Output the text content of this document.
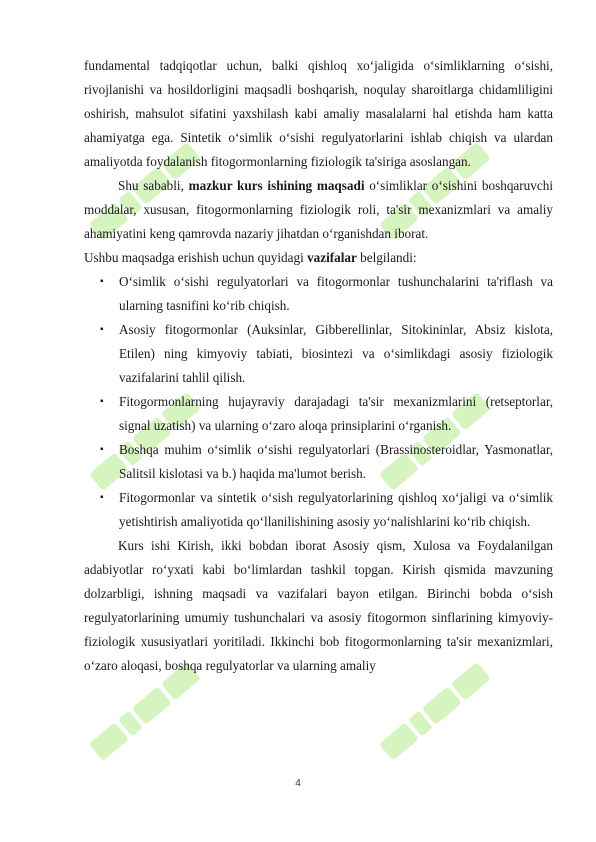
fundamental tadqiqotlar uchun, balki qishloq xo‘jaligida o‘simliklarning o‘sishi, rivojlanishi va hosildorligini maqsadli boshqarish, noqulay sharoitlarga chidamliligini oshirish, mahsulot sifatini yaxshilash kabi amaliy masalalarni hal etishda ham katta ahamiyatga ega. Sintetik o‘simlik o‘sishi regulyatorlarini ishlab chiqish va ulardan amaliyotda foydalanish fitogormonlarning fiziologik ta'siriga asoslangan.

Shu sababli, mazkur kurs ishining maqsadi o‘simliklar o‘sishini boshqaruvchi moddalar, xususan, fitogormonlarning fiziologik roli, ta'sir mexanizmlari va amaliy ahamiyatini keng qamrovda nazariy jihatdan o‘rganishdan iborat.

Ushbu maqsadga erishish uchun quyidagi vazifalar belgilandi:

▪ O‘simlik o‘sishi regulyatorlari va fitogormonlar tushunchalarini ta'riflash va ularning tasnifini ko‘rib chiqish.
▪ Asosiy fitogormonlar (Auksinlar, Gibberellinlar, Sitokininlar, Absiz kislota, Etilen) ning kimyoviy tabiati, biosintezi va o‘simlikdagi asosiy fiziologik vazifalarini tahlil qilish.
▪ Fitogormonlarning hujayraviy darajadagi ta'sir mexanizmlarini (retseptorlar, signal uzatish) va ularning o‘zaro aloqa prinsiplarini o‘rganish.
▪ Boshqa muhim o‘simlik o‘sishi regulyatorlari (Brassinosteroidlar, Yasmonatlar, Salitsil kislotasi va b.) haqida ma'lumot berish.
▪ Fitogormonlar va sintetik o‘sish regulyatorlarining qishloq xo‘jaligi va o‘simlik yetishtirish amaliyotida qo‘llanilishining asosiy yo‘nalishlarini ko‘rib chiqish.

Kurs ishi Kirish, ikki bobdan iborat Asosiy qism, Xulosa va Foydalanilgan adabiyotlar ro‘yxati kabi bo‘limlardan tashkil topgan. Kirish qismida mavzuning dolzarbligi, ishning maqsadi va vazifalari bayon etilgan. Birinchi bobda o‘sish regulyatorlarining umumiy tushunchalari va asosiy fitogormon sinflarining kimyoviy-fiziologik xususiyatlari yoritiladi. Ikkinchi bob fitogormonlarning ta'sir mexanizmlari, o‘zaro aloqasi, boshqa regulyatorlar va ularning amaliy

4
